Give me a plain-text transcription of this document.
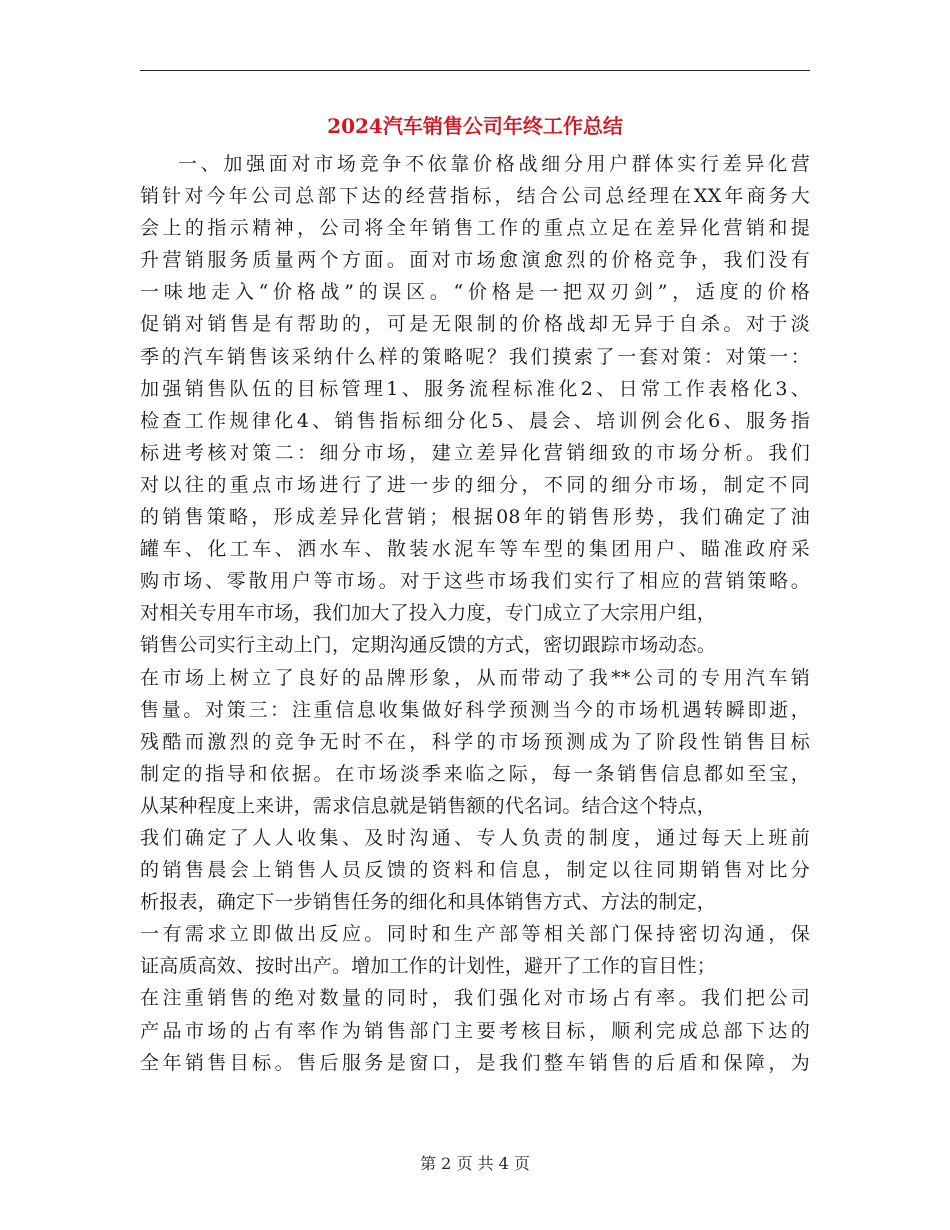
2024汽车销售公司年终工作总结
一、加强面对市场竞争不依靠价格战细分用户群体实行差异化营
销针对今年公司总部下达的经营指标，结合公司总经理在XX年商务大
会上的指示精神，公司将全年销售工作的重点立足在差异化营销和提
升营销服务质量两个方面。面对市场愈演愈烈的价格竞争，我们没有
一味地走入“价格战”的误区。“价格是一把双刃剑”，适度的价格
促销对销售是有帮助的，可是无限制的价格战却无异于自杀。对于淡
季的汽车销售该采纳什么样的策略呢？我们摸索了一套对策：对策一：
加强销售队伍的目标管理1、服务流程标准化2、日常工作表格化3、
检查工作规律化4、销售指标细分化5、晨会、培训例会化6、服务指
标进考核对策二：细分市场，建立差异化营销细致的市场分析。我们
对以往的重点市场进行了进一步的细分，不同的细分市场，制定不同
的销售策略，形成差异化营销；根据08年的销售形势，我们确定了油
罐车、化工车、洒水车、散装水泥车等车型的集团用户、瞄准政府采
购市场、零散用户等市场。对于这些市场我们实行了相应的营销策略。
对相关专用车市场，我们加大了投入力度，专门成立了大宗用户组，
销售公司实行主动上门，定期沟通反馈的方式，密切跟踪市场动态。
在市场上树立了良好的品牌形象，从而带动了我**公司的专用汽车销
售量。对策三：注重信息收集做好科学预测当今的市场机遇转瞬即逝，
残酷而激烈的竞争无时不在，科学的市场预测成为了阶段性销售目标
制定的指导和依据。在市场淡季来临之际，每一条销售信息都如至宝，
从某种程度上来讲，需求信息就是销售额的代名词。结合这个特点，
我们确定了人人收集、及时沟通、专人负责的制度，通过每天上班前
的销售晨会上销售人员反馈的资料和信息，制定以往同期销售对比分
析报表，确定下一步销售任务的细化和具体销售方式、方法的制定，
一有需求立即做出反应。同时和生产部等相关部门保持密切沟通，保
证高质高效、按时出产。增加工作的计划性，避开了工作的盲目性；
在注重销售的绝对数量的同时，我们强化对市场占有率。我们把公司
产品市场的占有率作为销售部门主要考核目标，顺利完成总部下达的
全年销售目标。售后服务是窗口，是我们整车销售的后盾和保障，为
第 2 页 共 4 页
